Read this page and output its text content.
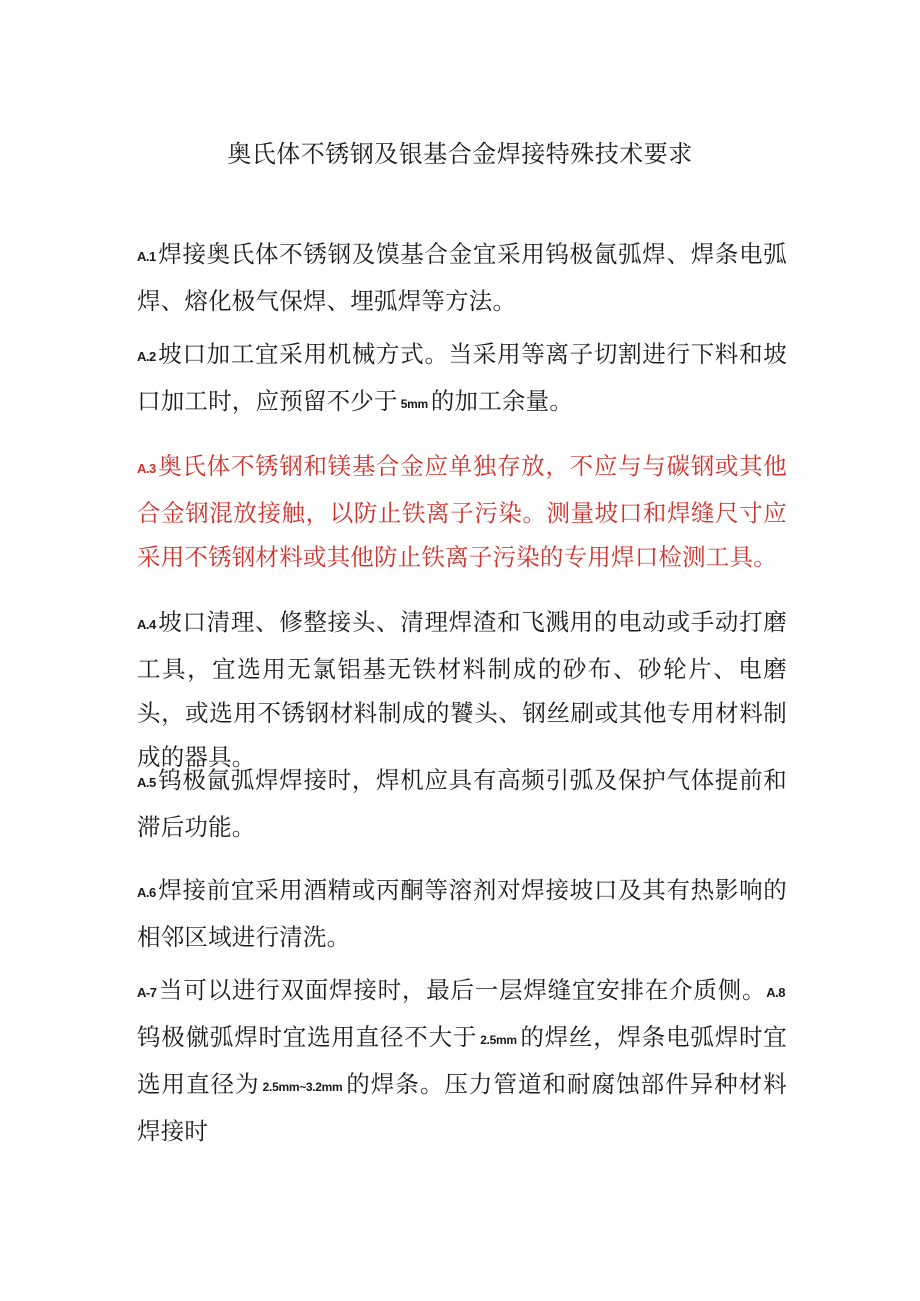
奥氏体不锈钢及银基合金焊接特殊技术要求

A.1焊接奥氏体不锈钢及馍基合金宜采用钨极氤弧焊、焊条电弧焊、熔化极气保焊、埋弧焊等方法。

A.2坡口加工宜采用机械方式。当采用等离子切割进行下料和坡口加工时，应预留不少于 5mm 的加工余量。

A.3奥氏体不锈钢和镁基合金应单独存放，不应与与碳钢或其他合金钢混放接触，以防止铁离子污染。测量坡口和焊缝尺寸应采用不锈钢材料或其他防止铁离子污染的专用焊口检测工具。

A.4坡口清理、修整接头、清理焊渣和飞溅用的电动或手动打磨工具，宜选用无氯铝基无铁材料制成的砂布、砂轮片、电磨头，或选用不锈钢材料制成的饕头、钢丝刷或其他专用材料制成的器具。

A.5钨极氤弧焊焊接时，焊机应具有高频引弧及保护气体提前和滞后功能。

A.6焊接前宜采用酒精或丙酮等溶剂对焊接坡口及其有热影响的相邻区域进行清洗。

A-7当可以进行双面焊接时，最后一层焊缝宜安排在介质侧。A.8钨极僦弧焊时宜选用直径不大于 2.5mm 的焊丝，焊条电弧焊时宜选用直径为 2.5mm~3.2mm 的焊条。压力管道和耐腐蚀部件异种材料焊接时
